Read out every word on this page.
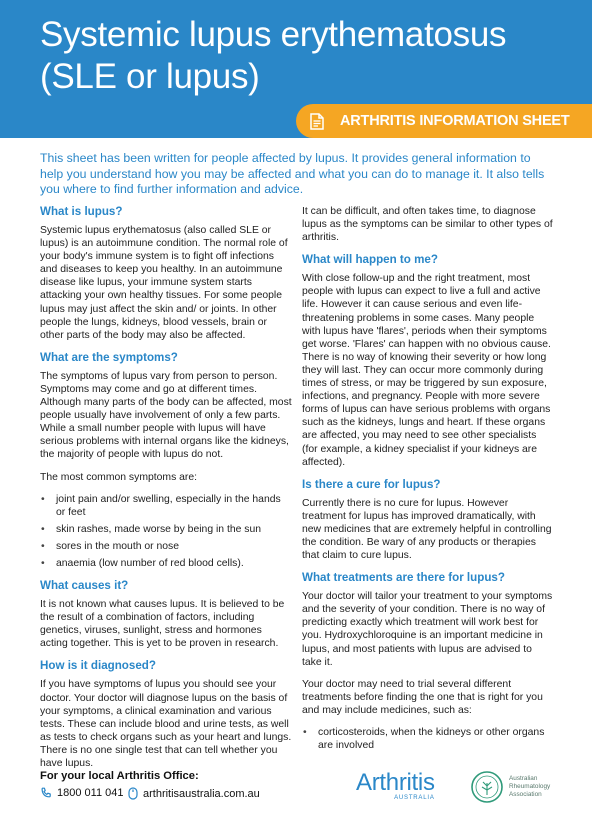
Systemic lupus erythematosus (SLE or lupus)
ARTHRITIS INFORMATION SHEET
This sheet has been written for people affected by lupus. It provides general information to help you understand how you may be affected and what you can do to manage it. It also tells you where to find further information and advice.
What is lupus?

Systemic lupus erythematosus (also called SLE or lupus) is an autoimmune condition. The normal role of your body's immune system is to fight off infections and diseases to keep you healthy. In an autoimmune disease like lupus, your immune system starts attacking your own healthy tissues. For some people lupus may just affect the skin and/ or joints. In other people the lungs, kidneys, blood vessels, brain or other parts of the body may also be affected.

What are the symptoms?

The symptoms of lupus vary from person to person. Symptoms may come and go at different times. Although many parts of the body can be affected, most people usually have involvement of only a few parts. While a small number people with lupus will have serious problems with internal organs like the kidneys, the majority of people with lupus do not.

The most common symptoms are:

• joint pain and/or swelling, especially in the hands or feet
• skin rashes, made worse by being in the sun
• sores in the mouth or nose
• anaemia (low number of red blood cells).
What causes it?

It is not known what causes lupus. It is believed to be the result of a combination of factors, including genetics, viruses, sunlight, stress and hormones acting together. This is yet to be proven in research.

How is it diagnosed?

If you have symptoms of lupus you should see your doctor. Your doctor will diagnose lupus on the basis of your symptoms, a clinical examination and various tests. These can include blood and urine tests, as well as tests to check organs such as your heart and lungs. There is no one single test that can tell whether you have lupus.

It can be difficult, and often takes time, to diagnose lupus as the symptoms can be similar to other types of arthritis.

What will happen to me?

With close follow-up and the right treatment, most people with lupus can expect to live a full and active life. However it can cause serious and even life-threatening problems in some cases. Many people with lupus have 'flares', periods when their symptoms get worse. 'Flares' can happen with no obvious cause. There is no way of knowing their severity or how long they will last. They can occur more commonly during times of stress, or may be triggered by sun exposure, infections, and pregnancy. People with more severe forms of lupus can have serious problems with organs such as the kidneys, lungs and heart. If these organs are affected, you may need to see other specialists (for example, a kidney specialist if your kidneys are affected).

Is there a cure for lupus?

Currently there is no cure for lupus. However treatment for lupus has improved dramatically, with new medicines that are extremely helpful in controlling the condition. Be wary of any products or therapies that claim to cure lupus.

What treatments are there for lupus?

Your doctor will tailor your treatment to your symptoms and the severity of your condition. There is no way of predicting exactly which treatment will work best for you. Hydroxychloroquine is an important medicine in lupus, and most patients with lupus are advised to take it.

Your doctor may need to trial several different treatments before finding the one that is right for you and may include medicines, such as:

• corticosteroids, when the kidneys or other organs are involved
For your local Arthritis Office:
1800 011 041 arthritisaustralia.com.au	Arthritis
AUSTRALIA
Australian Rheumatology Association
